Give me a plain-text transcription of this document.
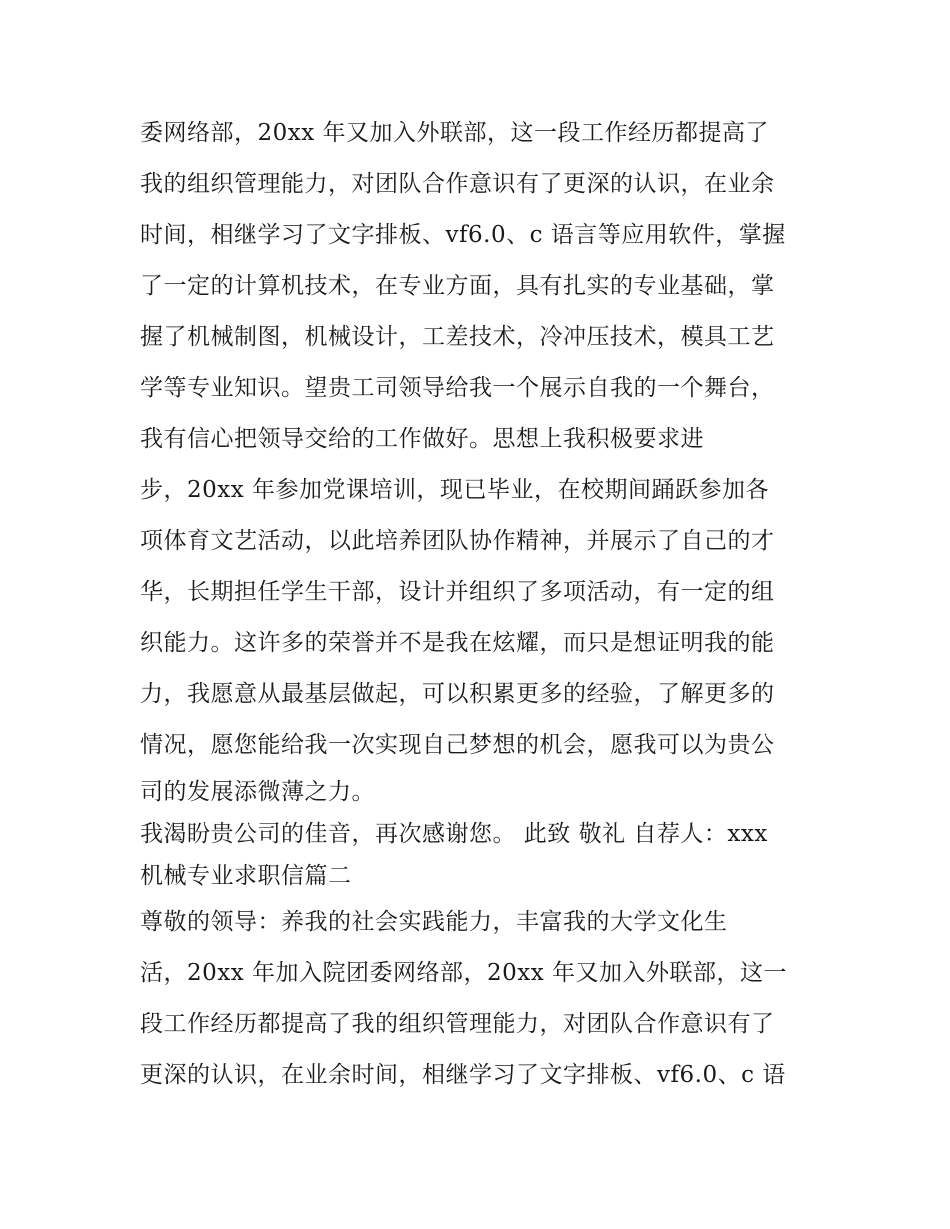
委网络部，20xx 年又加入外联部，这一段工作经历都提高了
我的组织管理能力，对团队合作意识有了更深的认识，在业余
时间，相继学习了文字排板、vf6.0、c 语言等应用软件，掌握
了一定的计算机技术，在专业方面，具有扎实的专业基础，掌
握了机械制图，机械设计，工差技术，冷冲压技术，模具工艺
学等专业知识。望贵工司领导给我一个展示自我的一个舞台，
我有信心把领导交给的工作做好。思想上我积极要求进
步，20xx 年参加党课培训，现已毕业，在校期间踊跃参加各
项体育文艺活动，以此培养团队协作精神，并展示了自己的才
华，长期担任学生干部，设计并组织了多项活动，有一定的组
织能力。这许多的荣誉并不是我在炫耀，而只是想证明我的能
力，我愿意从最基层做起，可以积累更多的经验，了解更多的
情况，愿您能给我一次实现自己梦想的机会，愿我可以为贵公
司的发展添微薄之力。
我渴盼贵公司的佳音，再次感谢您。 此致 敬礼 自荐人：xxx
机械专业求职信篇二
尊敬的领导：养我的社会实践能力，丰富我的大学文化生
活，20xx 年加入院团委网络部，20xx 年又加入外联部，这一
段工作经历都提高了我的组织管理能力，对团队合作意识有了
更深的认识，在业余时间，相继学习了文字排板、vf6.0、c 语
